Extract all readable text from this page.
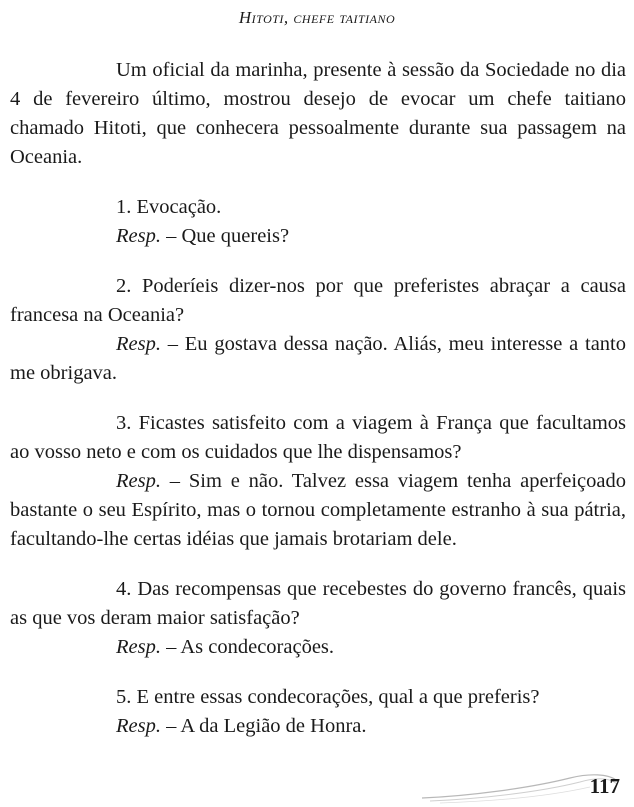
Hitoti, chefe taitiano

Um oficial da marinha, presente à sessão da Sociedade no dia 4 de fevereiro último, mostrou desejo de evocar um chefe taitiano chamado Hitoti, que conhecera pessoalmente durante sua passagem na Oceania.

1. Evocação.

Resp. – Que quereis?

2. Poderíeis dizer-nos por que preferistes abraçar a causa francesa na Oceania?

Resp. – Eu gostava dessa nação. Aliás, meu interesse a tanto me obrigava.

3. Ficastes satisfeito com a viagem à França que facultamos ao vosso neto e com os cuidados que lhe dispensamos?

Resp. – Sim e não. Talvez essa viagem tenha aperfeiçoado bastante o seu Espírito, mas o tornou completamente estranho à sua pátria, facultando-lhe certas idéias que jamais brotariam dele.

4. Das recompensas que recebestes do governo francês, quais as que vos deram maior satisfação?

Resp. – As condecorações.

5. E entre essas condecorações, qual a que preferis?

Resp. – A da Legião de Honra.

117
